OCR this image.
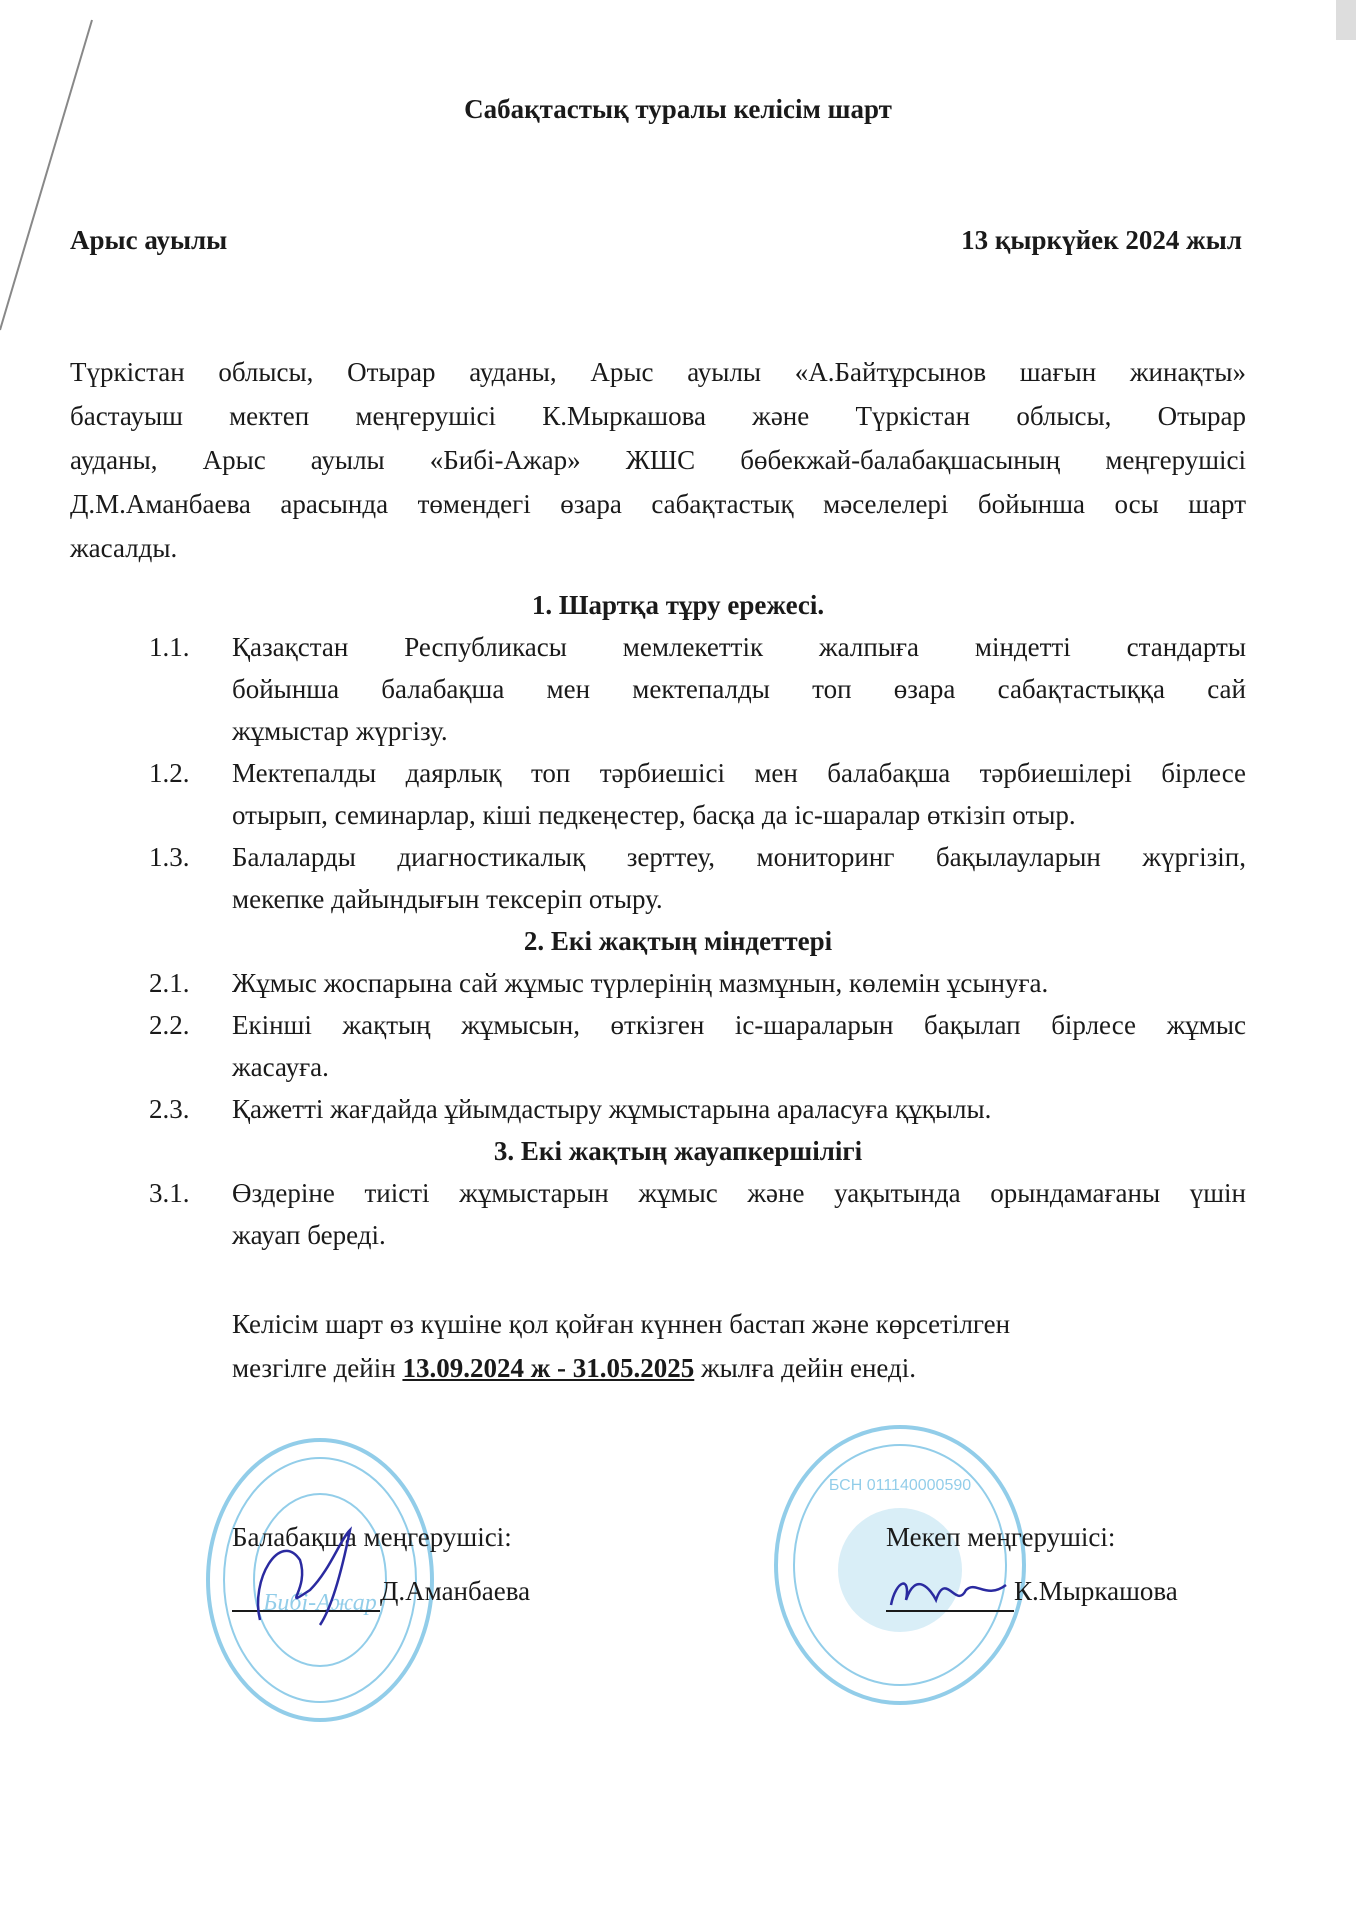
Сабақтастық туралы келісім шарт
Арыс ауылы	13 қыркүйек 2024 жыл
Түркістан облысы, Отырар ауданы, Арыс ауылы «А.Байтұрсынов шағын жинақты»
бастауыш мектеп меңгерушісі К.Мыркашова және Түркістан облысы, Отырар
ауданы, Арыс ауылы «Бибі-Ажар» ЖШС бөбекжай-балабақшасының меңгерушісі
Д.М.Аманбаева арасында төмендегі өзара сабақтастық мәселелері бойынша осы шарт
жасалды.
1. Шартқа тұру ережесі.
1.1. Қазақстан Республикасы мемлекеттік жалпыға міндетті стандарты
бойынша балабақша мен мектепалды топ өзара сабақтастыққа сай
жұмыстар жүргізу.
1.2. Мектепалды даярлық топ тәрбиешісі мен балабақша тәрбиешілері бірлесе
отырып, семинарлар, кіші педкеңестер, басқа да іс-шаралар өткізіп отыр.
1.3. Балаларды диагностикалық зерттеу, мониторинг бақылауларын жүргізіп,
мекепке дайындығын тексеріп отыру.
2. Екі жақтың міндеттері
2.1. Жұмыс жоспарына сай жұмыс түрлерінің мазмұнын, көлемін ұсынуға.
2.2. Екінші жақтың жұмысын, өткізген іс-шараларын бақылап бірлесе жұмыс
жасауға.
2.3. Қажетті жағдайда ұйымдастыру жұмыстарына араласуға құқылы.
3. Екі жақтың жауапкершілігі
3.1. Өздеріне тиісті жұмыстарын жұмыс және уақытында орындамағаны үшін
жауап береді.
Келісім шарт өз күшіне қол қойған күннен бастап және көрсетілген
мезгілге дейін 13.09.2024 ж - 31.05.2025 жылға дейін енеді.
Бибі-Ажар
БСН 011140000590
Балабақша меңгерушісі:
Д.Аманбаева
Мекеп меңгерушісі:
К.Мыркашова
